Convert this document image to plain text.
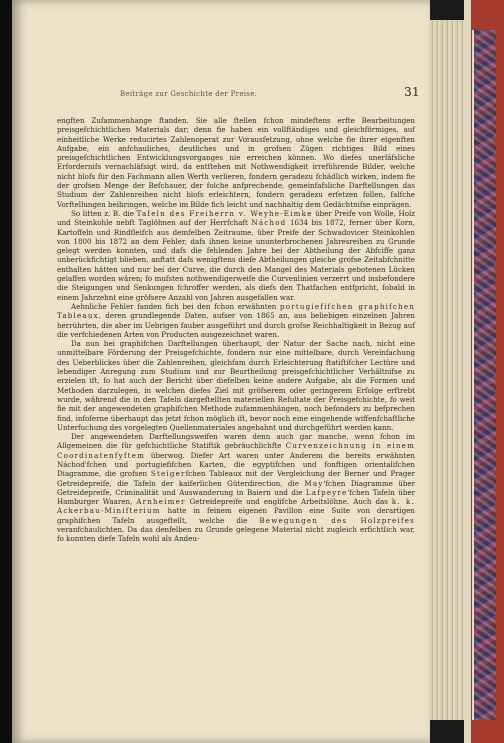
Beiträge zur Geschichte der Preise.	31

engften Zufammenhange ftanden. Sie alle ftellen fchon mindeftens erfte Bearbeitungen preisgefchichtlichen Materials dar; denn fie haben ein vollftändiges und gleichförmiges, auf einheitliche Werke reducirtes Zahlenoperat zur Vorausfetzung, ohne welche fie ihrer eigenften Aufgabe, ein anfchauliches, deutliches und in grofsen Zügen richtiges Bild eines preisgefchichtlichen Entwicklungsvorganges nie erreichen können. Wo diefes unerläfsliche Erfordernifs vernachläfsigt wird, da entftehen mit Nothwendigkeit irreführende Bilder, welche nicht blofs für den Fachmann allen Werth verlieren, fondern geradezu fchädlich wirken, indem fie der grofsen Menge der Befchauer, der folche anfprechende, gemeinfafsliche Darftellungen das Studium der Zahlenreihen nicht blofs erleichtern, fondern geradezu erfetzen follen, falfche Vorftellungen beibringen, welche im Bilde fich leicht und nachhaltig dem Gedächtnifse einprägen.

So litten z. B. die Tafeln des Freiherrn v. Weyhe-Eimke über Preife von Wolle, Holz und Steinkohle nebft Taglöhnen auf der Herrfchaft Náchod 1634 bis 1872, ferner über Korn, Kartoffeln und Rindfleifch aus demfelben Zeitraume, über Preife der Schwadovicer Steinkohlen von 1800 bis 1872 an dem Fehler, dafs ihnen keine ununterbrochenen Jahresreihen zu Grunde gelegt werden konnten, und dafs die fehlenden Jahre bei der Abtheilung der Abfciffe ganz unberückfichtigt blieben, anftatt dafs wenigftens diefe Abtheilungen gleiche grofse Zeitabfchnitte enthalten hätten und nur bei der Curve, die durch den Mangel des Materials gebotenen Lücken gelaffen worden wären; fo mufsten nothwendigerweife die Curvenlinien verzerrt und insbefondere die Steigungen und Senkungen fchroffer werden, als diefs den Thatfachen entfpricht, fobald in einem Jahrzehnt eine gröfsere Anzahl von Jahren ausgefallen war.

Aehnliche Fehler fanden fich bei den fchon erwähnten portugiefifchen graphifchen Tableaux, deren grundlegende Daten, aufser von 1865 an, aus beliebigen einzelnen Jahren herrührten, die aber im Uebrigen fauber ausgeführt und durch grofse Reichhaltigkeit in Bezug auf die verfchiedenen Arten von Producten ausgezeichnet waren.

Da nun bei graphifchen Darftellungen überhaupt, der Natur der Sache nach, nicht eine unmittelbare Förderung der Preisgefchichte, fondern nur eine mittelbare, durch Vereinfachung des Ueberblickes über die Zahlenreihen, gleichfam durch Erleichterung ftatiftifcher Lectüre und lebendiger Anregung zum Studium und zur Beurtheilung preisgefchichtlicher Verhältnifse zu erzielen ift, fo hat auch der Bericht über diefelben keine andere Aufgabe, als die Formen und Methoden darzulegen, in welchen diefes Ziel mit gröfserem oder geringerem Erfolge erftrebt wurde, während die in den Tafeln dargeftellten materiellen Refultate der Preisgefchichte, fo weit fie mit der angewendeten graphifchen Methode zufammenhängen, noch befonders zu befprechen find, infoferne überhaupt das jetzt fchon möglich ift, bevor noch eine eingehende wiffenfchaftliche Unterfuchung des vorgelegten Quellenmateriales angebahnt und durchgeführt werden kann.

Der angewendeten Darftellungsweifen waren denn auch gar manche, wenn fchon im Allgemeinen die für gefchichtliche Statiftik gebräuchlichfte Curvenzeichnung in einem Coordinatenfyftem überwog. Diefer Art waren unter Anderem die bereits erwähnten Náchod'fchen und portugiefifchen Karten, die egyptifchen und fonftigen orientalifchen Diagramme, die grofsen Steigerfchen Tableaux mit der Vergleichung der Berner und Prager Getreidepreife, die Tafeln der kaiferlichen Güterdirection, die May'fchen Diagramme über Getreidepreife, Criminalität und Auswanderung in Baiern und die Lafpeyre'fchen Tafeln über Hamburger Waaren, Arnheimer Getreidepreife und englifche Arbeitslöhne. Auch das k. k. Ackerbau-Minifterium hatte in feinem eigenen Pavillon eine Suite von derartigen graphifchen Tafeln ausgeftellt, welche die Bewegungen des Holzpreifes veranfchaulichten. Da das denfelben zu Grunde gelegene Material nicht zugleich erfichtlich war, fo konnten diefe Tafeln wohl als Andeu-
